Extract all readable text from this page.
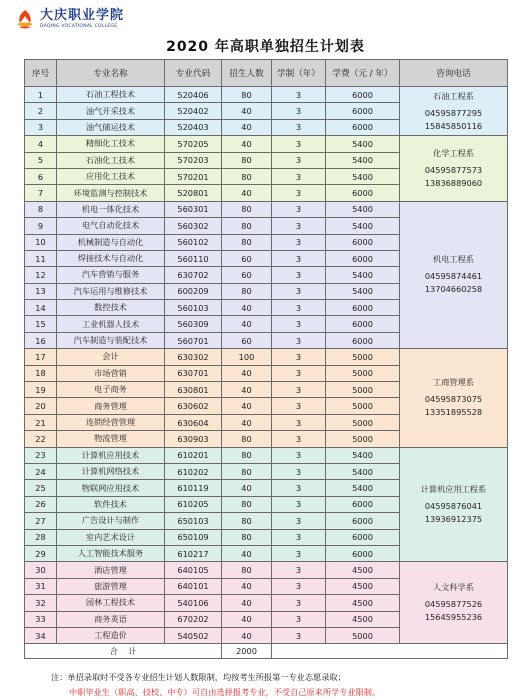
大庆职业学院
DAQING VOCATIONAL COLLEGE
2020 年高职单独招生计划表
序号	专业名称	专业代码	招生人数	学制（年）	学费（元 / 年）	咨询电话
1	石油工程技术	520406	80	3	6000	石油工程系
04595877295
15845850116

2	油气开采技术	520402	40	3	6000	
3	油气储运技术	520403	40	3	6000	
4	精细化工技术	570205	40	3	5400	化学工程系
04595877573
13836889060

5	石油化工技术	570203	80	3	5400	
6	应用化工技术	570201	80	3	5400	
7	环境监测与控制技术	520801	40	3	6000	
8	机电一体化技术	560301	80	3	5400	机电工程系
04595874461
13704660258

9	电气自动化技术	560302	80	3	5400	
10	机械制造与自动化	560102	80	3	6000	
11	焊接技术与自动化	560110	60	3	6000	
12	汽车营销与服务	630702	60	3	5400	
13	汽车运用与维修技术	600209	80	3	5400	
14	数控技术	560103	40	3	6000	
15	工业机器人技术	560309	40	3	6000	
16	汽车制造与装配技术	560701	60	3	6000	
17	会计	630302	100	3	5000	工商管理系
04595873075
13351895528

18	市场营销	630701	40	3	5000	
19	电子商务	630801	40	3	5000	
20	商务管理	630602	40	3	5000	
21	连锁经营管理	630604	40	3	5000	
22	物流管理	630903	80	3	5000	
23	计算机应用技术	610201	80	3	5400	计算机应用工程系
04595876041
13936912375

24	计算机网络技术	610202	80	3	5400	
25	物联网应用技术	610119	40	3	5400	
26	软件技术	610205	80	3	6000	
27	广告设计与制作	650103	80	3	6000	
28	室内艺术设计	650109	80	3	6000	
29	人工智能技术服务	610217	40	3	6000	
30	酒店管理	640105	80	3	4500	人文科学系
04595877526
15645955236

31	旅游管理	640101	40	3	4500	
32	园林工程技术	540106	40	3	4500	
33	商务英语	670202	40	3	4500	
34	工程造价	540502	40	3	5000	
合    计			2000			
注：单招录取时不受各专业招生计划人数限制，均按考生所报第一专业志愿录取；
中职毕业生（职高、技校、中专）可自由选择报考专业，不受自己原来所学专业限制。
